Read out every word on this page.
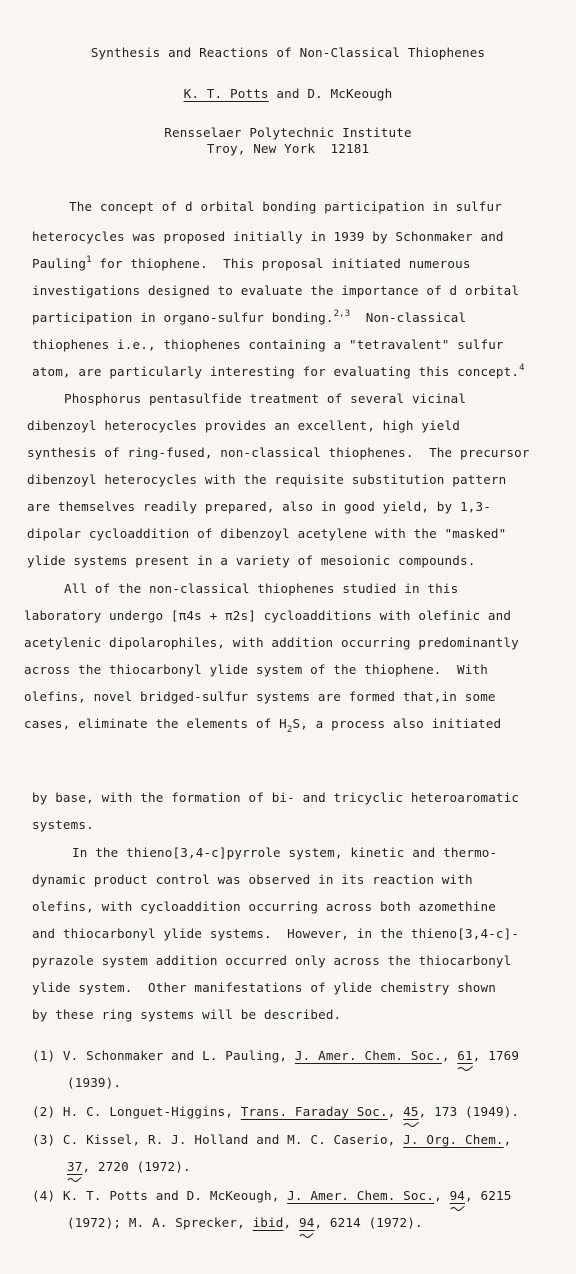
Synthesis and Reactions of Non-Classical Thiophenes
K. T. Potts and D. McKeough
Rensselaer Polytechnic Institute
Troy, New York  12181
The concept of d orbital bonding participation in sulfur
heterocycles was proposed initially in 1939 by Schonmaker and
Pauling$^1$ for thiophene.  This proposal initiated numerous
investigations designed to evaluate the importance of d orbital
participation in organo-sulfur bonding.$^{2,3}$  Non-classical
thiophenes i.e., thiophenes containing a "tetravalent" sulfur
atom, are particularly interesting for evaluating this concept.$^4$
Phosphorus pentasulfide treatment of several vicinal
dibenzoyl heterocycles provides an excellent, high yield
synthesis of ring-fused, non-classical thiophenes.  The precursor
dibenzoyl heterocycles with the requisite substitution pattern
are themselves readily prepared, also in good yield, by 1,3-
dipolar cycloaddition of dibenzoyl acetylene with the "masked"
ylide systems present in a variety of mesoionic compounds.
All of the non-classical thiophenes studied in this
laboratory undergo [π4s + π2s] cycloadditions with olefinic and
acetylenic dipolarophiles, with addition occurring predominantly
across the thiocarbonyl ylide system of the thiophene.  With
olefins, novel bridged-sulfur systems are formed that,in some
cases, eliminate the elements of $H_2S$, a process also initiated
by base, with the formation of bi- and tricyclic heteroaromatic
systems.
In the thieno[3,4-c]pyrrole system, kinetic and thermo-
dynamic product control was observed in its reaction with
olefins, with cycloaddition occurring across both azomethine
and thiocarbonyl ylide systems.  However, in the thieno[3,4-c]-
pyrazole system addition occurred only across the thiocarbonyl
ylide system.  Other manifestations of ylide chemistry shown
by these ring systems will be described.
(1) V. Schonmaker and L. Pauling, J. Amer. Chem. Soc., 61, 1769
(1939).
(2) H. C. Longuet-Higgins, Trans. Faraday Soc., 45, 173 (1949).
(3) C. Kissel, R. J. Holland and M. C. Caserio, J. Org. Chem.,
37, 2720 (1972).
(4) K. T. Potts and D. McKeough, J. Amer. Chem. Soc., 94, 6215
(1972); M. A. Sprecker, ibid, 94, 6214 (1972).
